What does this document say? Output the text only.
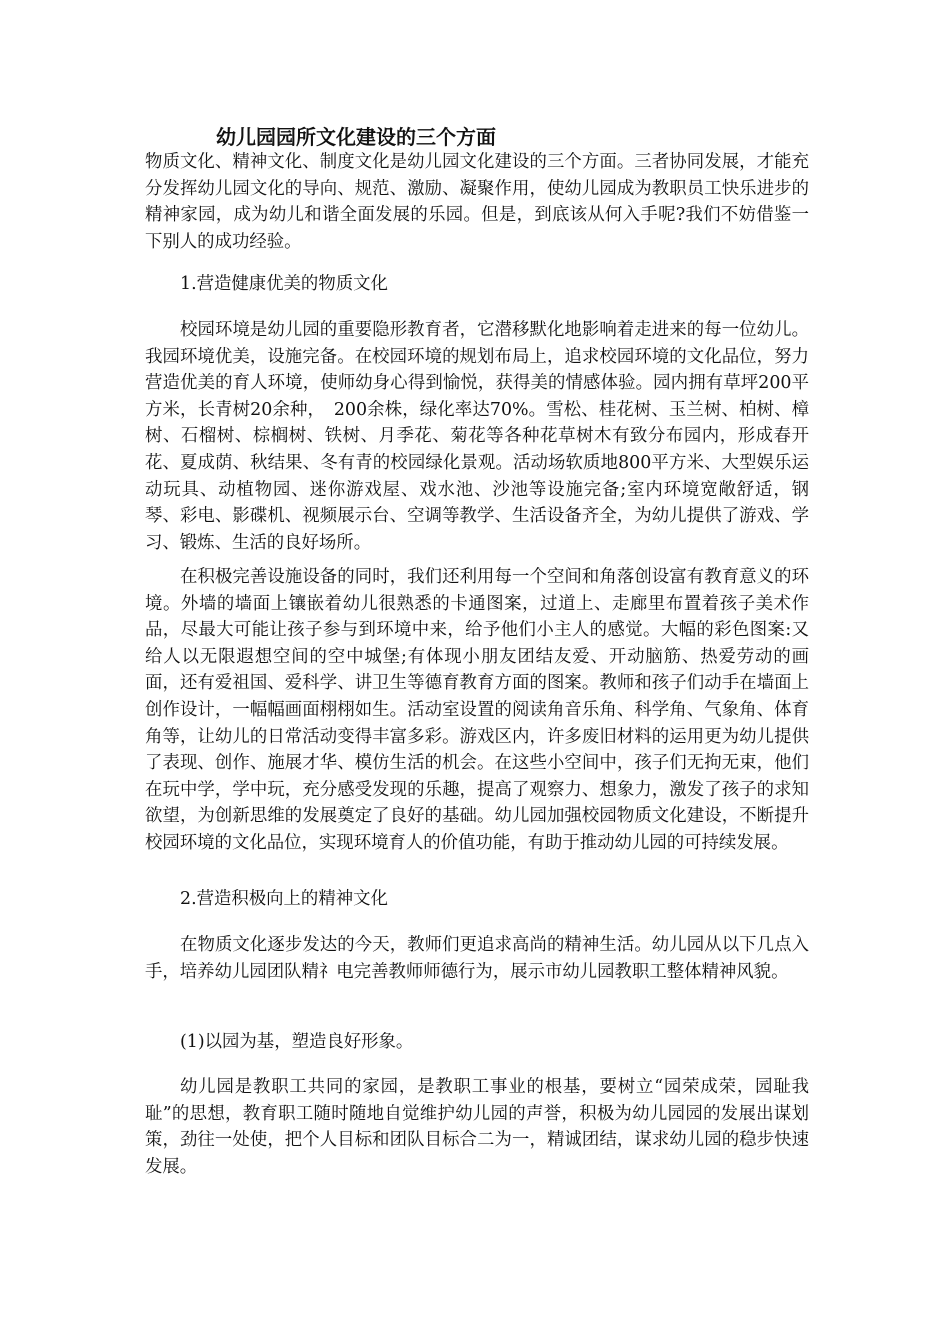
幼儿园园所文化建设的三个方面

物质文化、精神文化、制度文化是幼儿园文化建设的三个方面。三者协同发展，才能充分发挥幼儿园文化的导向、规范、激励、凝聚作用，使幼儿园成为教职员工快乐进步的精神家园，成为幼儿和谐全面发展的乐园。但是，到底该从何入手呢?我们不妨借鉴一下别人的成功经验。

1.营造健康优美的物质文化

校园环境是幼儿园的重要隐形教育者，它潜移默化地影响着走进来的每一位幼儿。我园环境优美，设施完备。在校园环境的规划布局上，追求校园环境的文化品位，努力营造优美的育人环境，使师幼身心得到愉悦，获得美的情感体验。园内拥有草坪200平方米，长青树20余种，　200余株，绿化率达70%。雪松、桂花树、玉兰树、柏树、樟树、石榴树、棕榈树、铁树、月季花、菊花等各种花草树木有致分布园内，形成春开花、夏成荫、秋结果、冬有青的校园绿化景观。活动场软质地800平方米、大型娱乐运动玩具、动植物园、迷你游戏屋、戏水池、沙池等设施完备;室内环境宽敞舒适，钢琴、彩电、影碟机、视频展示台、空调等教学、生活设备齐全，为幼儿提供了游戏、学习、锻炼、生活的良好场所。

在积极完善设施设备的同时，我们还利用每一个空间和角落创设富有教育意义的环境。外墙的墙面上镶嵌着幼儿很熟悉的卡通图案，过道上、走廊里布置着孩子美术作品，尽最大可能让孩子参与到环境中来，给予他们小主人的感觉。大幅的彩色图案:又给人以无限遐想空间的空中城堡;有体现小朋友团结友爱、开动脑筋、热爱劳动的画面，还有爱祖国、爱科学、讲卫生等德育教育方面的图案。教师和孩子们动手在墙面上创作设计，一幅幅画面栩栩如生。活动室设置的阅读角音乐角、科学角、气象角、体育角等，让幼儿的日常活动变得丰富多彩。游戏区内，许多废旧材料的运用更为幼儿提供了表现、创作、施展才华、模仿生活的机会。在这些小空间中，孩子们无拘无束，他们在玩中学，学中玩，充分感受发现的乐趣，提高了观察力、想象力，激发了孩子的求知欲望，为创新思维的发展奠定了良好的基础。幼儿园加强校园物质文化建设，不断提升校园环境的文化品位，实现环境育人的价值功能，有助于推动幼儿园的可持续发展。

2.营造积极向上的精神文化

在物质文化逐步发达的今天，教师们更追求高尚的精神生活。幼儿园从以下几点入手，培养幼儿园团队精礻电完善教师师德行为，展示市幼儿园教职工整体精神风貌。

(1)以园为基，塑造良好形象。

幼儿园是教职工共同的家园，是教职工事业的根基，要树立“园荣成荣，园耻我耻”的思想，教育职工随时随地自觉维护幼儿园的声誉，积极为幼儿园园的发展出谋划策，劲往一处使，把个人目标和团队目标合二为一，精诚团结，谋求幼儿园的稳步快速发展。
